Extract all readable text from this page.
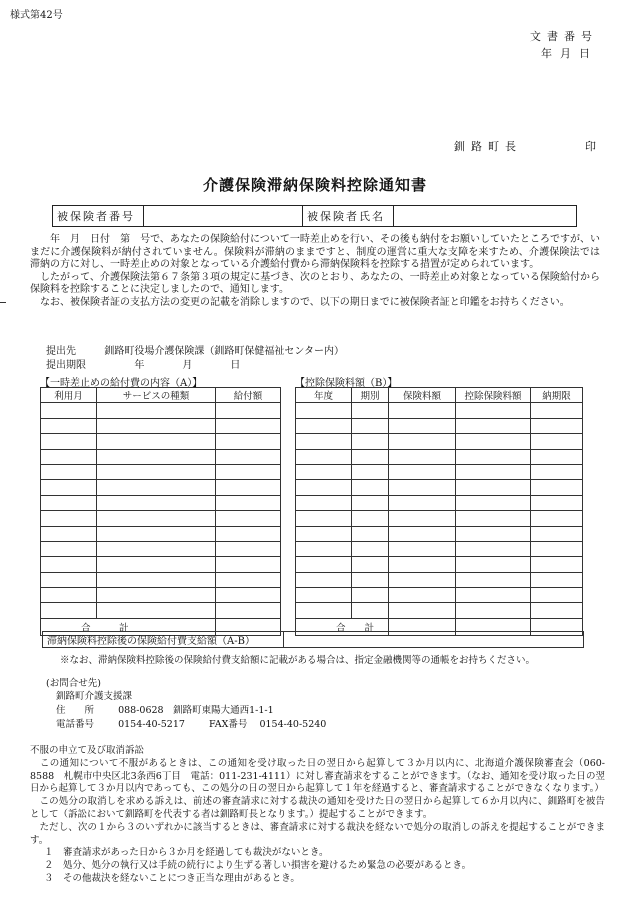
様式第42号
文書番号
年月日
釧路町長	印
介護保険滞納保険料控除通知書
被保険者番号		被保険者氏名	

　　年　月　日付　第　号で、あなたの保険給付について一時差止めを行い、その後も納付をお願いしていたところですが、いまだに介護保険料が納付されていません。保険料が滞納のままですと、制度の運営に重大な支障を来すため、介護保険法では滞納の方に対し、一時差止めの対象となっている介護給付費から滞納保険料を控除する措置が定められています。

　したがって、介護保険法第６７条第３項の規定に基づき、次のとおり、あなたの、一時差止め対象となっている保険給付から保険料を控除することに決定しましたので、通知します。

　なお、被保険者証の支払方法の変更の記載を消除しますので、以下の期日までに被保険者証と印鑑をお持ちください。

提出先	釧路町役場介護保険課（釧路町保健福祉センター内）
提出期限	年　月　日
【一時差止めの給付費の内容（A）】	【控除保険料額（B）】
利用月	サービスの種類	給付額

合　　　計		
年度	期別	保険料額	控除保険料額	納期限

合　　計				
滞納保険料控除後の保険給付費支給額（A-B）	
※なお、滞納保険料控除後の保険給付費支給額に記載がある場合は、指定金融機関等の通帳をお持ちください。
(お問合せ先)
釧路町介護支援課
住　　所	088-0628　釧路町東陽大通西1-1-1
電話番号	0154-40-5217	FAX番号 0154-40-5240

不服の申立て及び取消訴訟

　この通知について不服があるときは、この通知を受け取った日の翌日から起算して３か月以内に、北海道介護保険審査会（060-8588　札幌市中央区北3条西6丁目　電話：011-231-4111）に対し審査請求をすることができます。（なお、通知を受け取った日の翌日から起算して３か月以内であっても、この処分の日の翌日から起算して１年を経過すると、審査請求することができなくなります。）

　この処分の取消しを求める訴えは、前述の審査請求に対する裁決の通知を受けた日の翌日から起算して６か月以内に、釧路町を被告として（訴訟において釧路町を代表する者は釧路町長となります。）提起することができます。

　ただし、次の１から３のいずれかに該当するときは、審査請求に対する裁決を経ないで処分の取消しの訴えを提起することができます。

１　審査請求があった日から３か月を経過しても裁決がないとき。

２　処分、処分の執行又は手続の続行により生ずる著しい損害を避けるため緊急の必要があるとき。

３　その他裁決を経ないことにつき正当な理由があるとき。
